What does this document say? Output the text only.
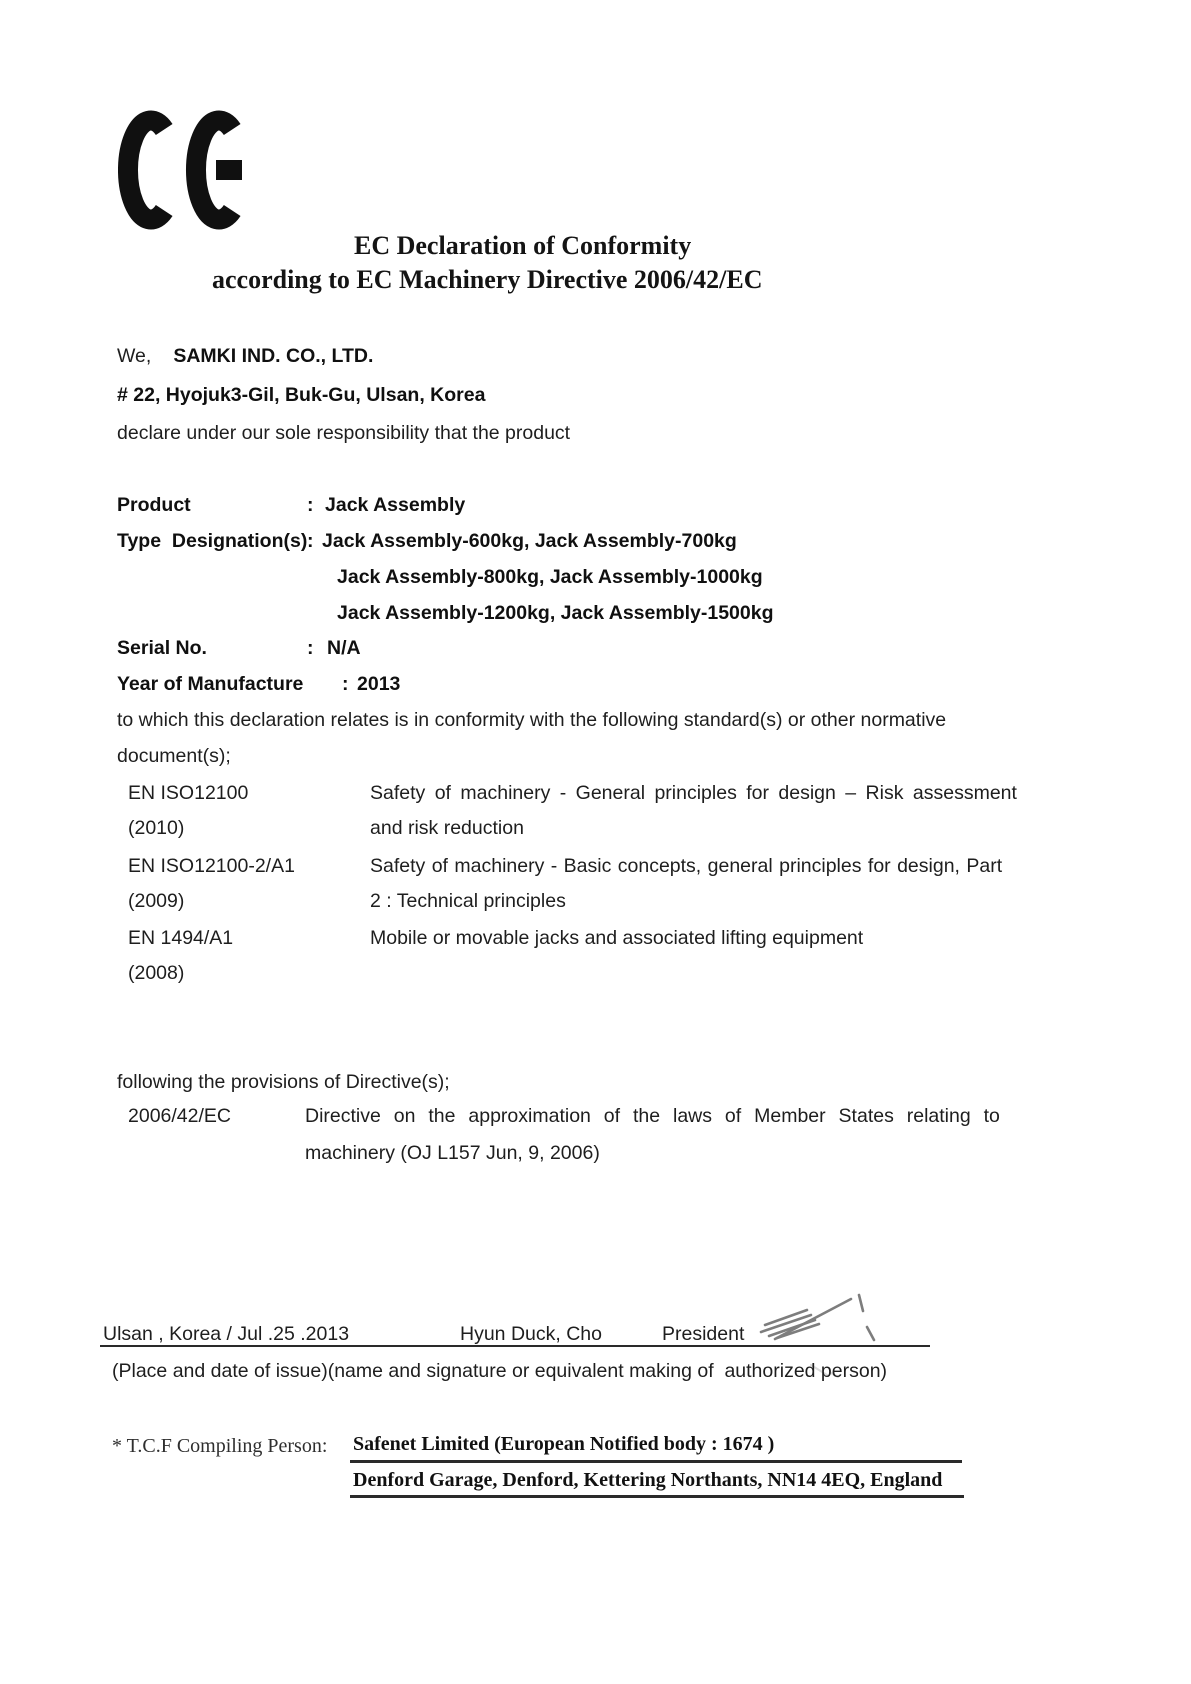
EC Declaration of Conformity
according to EC Machinery Directive 2006/42/EC
We, SAMKI IND. CO., LTD.
# 22, Hyojuk3-Gil, Buk-Gu, Ulsan, Korea
declare under our sole responsibility that the product
Product	: Jack Assembly
Type  Designation(s) : Jack Assembly-600kg, Jack Assembly-700kg
Jack Assembly-800kg, Jack Assembly-1000kg
Jack Assembly-1200kg, Jack Assembly-1500kg
Serial No.	: N/A
Year of Manufacture : 2013
to which this declaration relates is in conformity with the following standard(s) or other normative
document(s);
EN ISO12100	Safety of machinery - General principles for design – Risk assessment
(2010)	and risk reduction
EN ISO12100-2/A1	Safety of machinery - Basic concepts, general principles for design, Part
(2009)	2 : Technical principles
EN 1494/A1	Mobile or movable jacks and associated lifting equipment
(2008)
following the provisions of Directive(s);
2006/42/EC	Directive on the approximation of the laws of Member States relating to
machinery (OJ L157 Jun, 9, 2006)
Ulsan , Korea / Jul .25 .2013	Hyun Duck, Cho	President
(Place and date of issue)(name and signature or equivalent making of  authorized person)
* T.C.F Compiling Person: Safenet Limited (European Notified body : 1674 )
Denford Garage, Denford, Kettering Northants, NN14 4EQ, England
